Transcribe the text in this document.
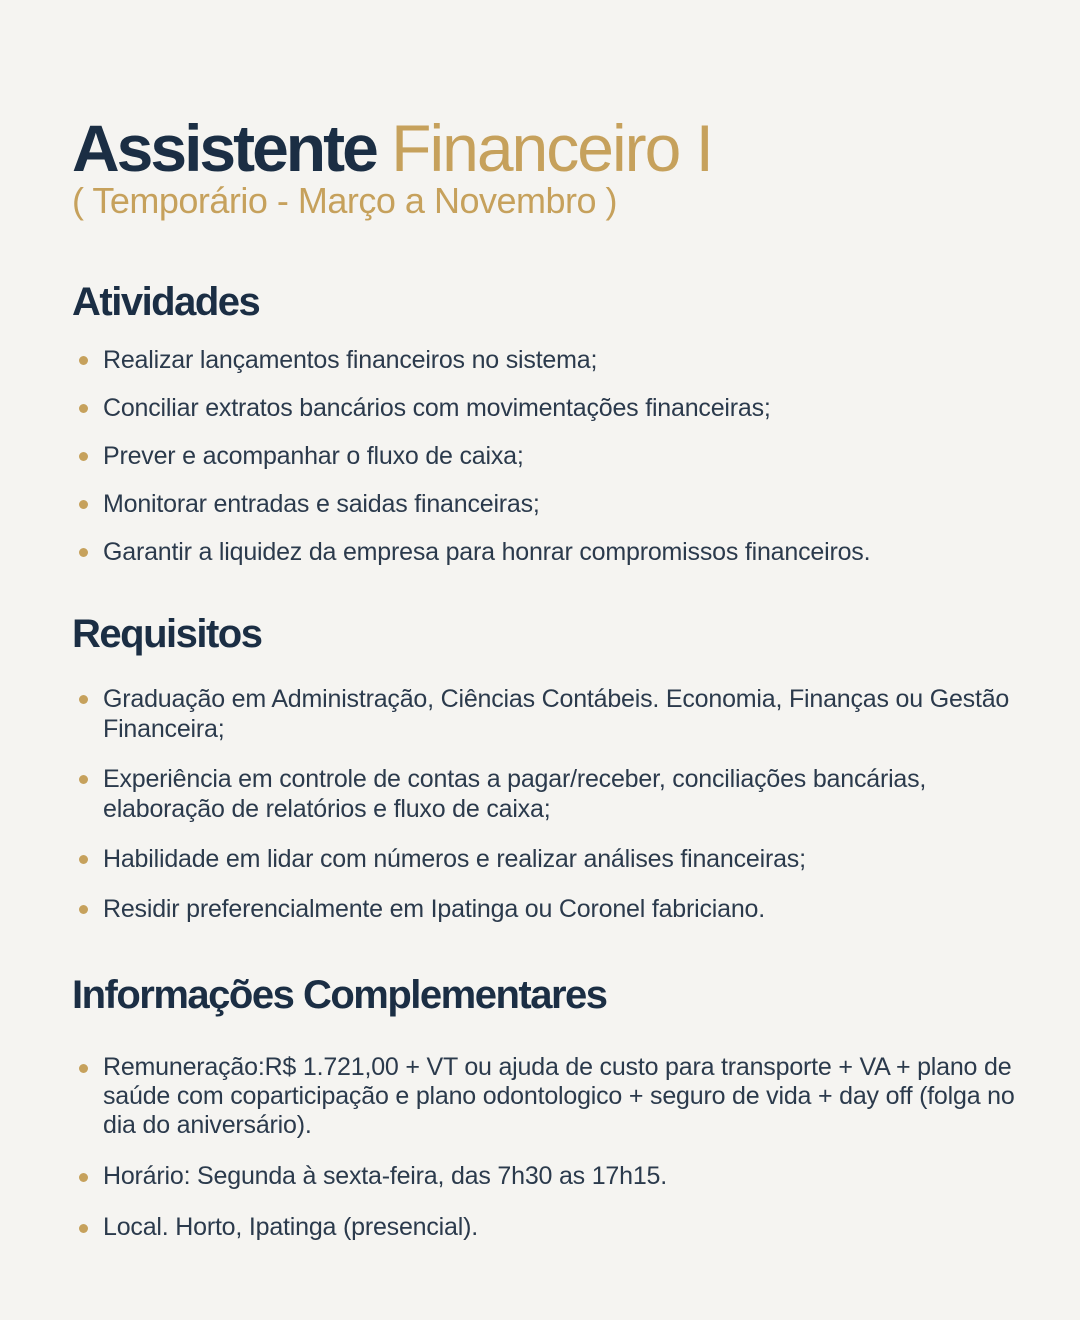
Assistente Financeiro I
( Temporário - Março a Novembro )
Atividades
Realizar lançamentos financeiros no sistema;
Conciliar extratos bancários com movimentações financeiras;
Prever e acompanhar o fluxo de caixa;
Monitorar entradas e saidas financeiras;
Garantir a liquidez da empresa para honrar compromissos financeiros.
Requisitos
Graduação em Administração, Ciências Contábeis. Economia, Finanças ou Gestão Financeira;
Experiência em controle de contas a pagar/receber, conciliações bancárias, elaboração de relatórios e fluxo de caixa;
Habilidade em lidar com números e realizar análises financeiras;
Residir preferencialmente em Ipatinga ou Coronel fabriciano.
Informações Complementares
Remuneração:R$ 1.721,00 + VT ou ajuda de custo para transporte + VA + plano de saúde com coparticipação e plano odontologico + seguro de vida + day off (folga no dia do aniversário).
Horário: Segunda à sexta-feira, das 7h30 as 17h15.
Local. Horto, Ipatinga (presencial).
